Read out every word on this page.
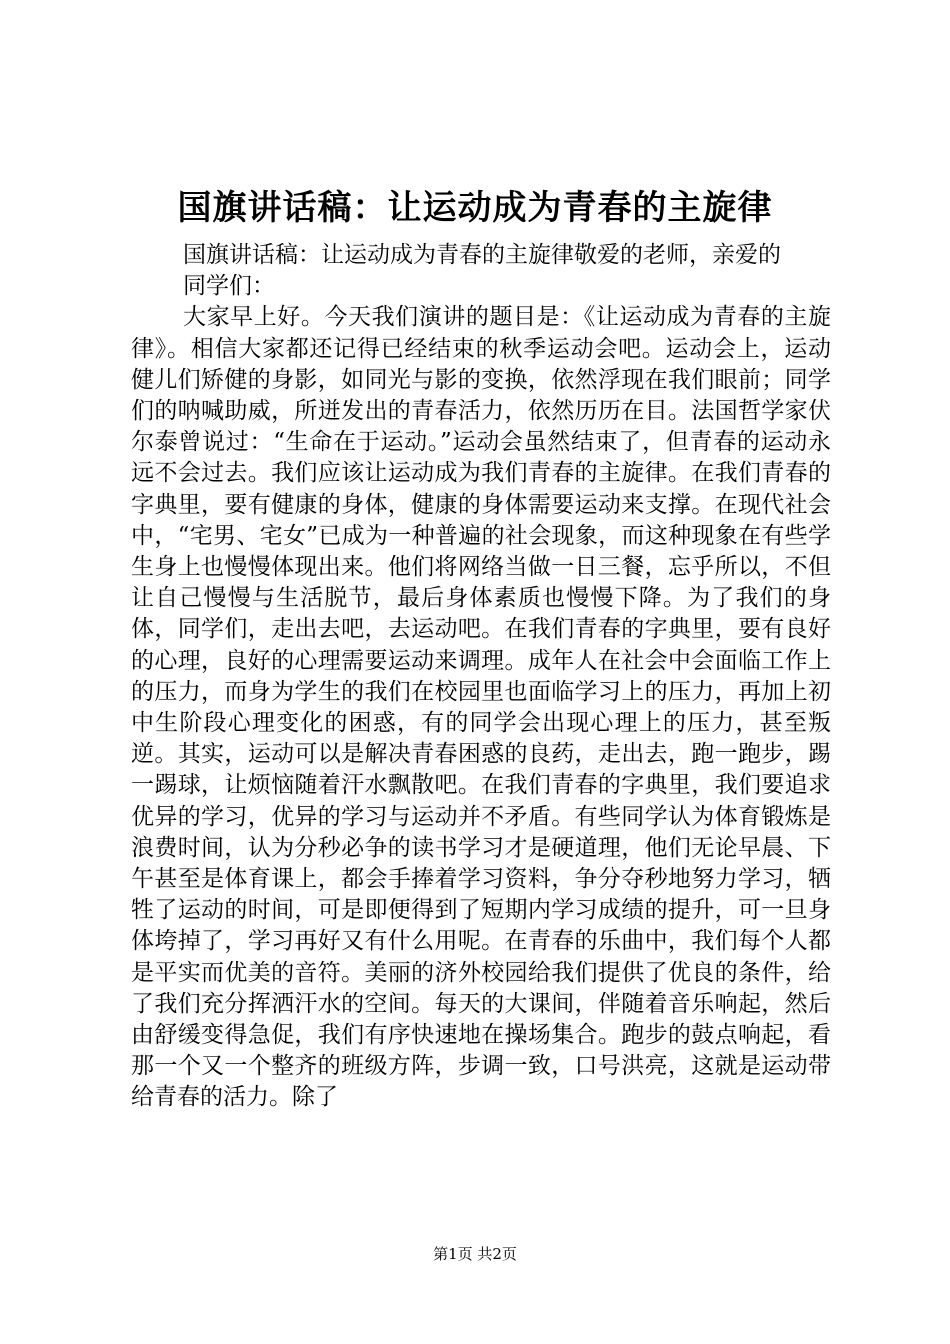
国旗讲话稿：让运动成为青春的主旋律

国旗讲话稿：让运动成为青春的主旋律敬爱的老师，亲爱的

同学们：

大家早上好。今天我们演讲的题目是：《让运动成为青春的主旋律》。相信大家都还记得已经结束的秋季运动会吧。运动会上，运动健儿们矫健的身影，如同光与影的变换，依然浮现在我们眼前；同学们的呐喊助威，所迸发出的青春活力，依然历历在目。法国哲学家伏尔泰曾说过：“生命在于运动。”运动会虽然结束了，但青春的运动永远不会过去。我们应该让运动成为我们青春的主旋律。在我们青春的字典里，要有健康的身体，健康的身体需要运动来支撑。在现代社会中，“宅男、宅女”已成为一种普遍的社会现象，而这种现象在有些学生身上也慢慢体现出来。他们将网络当做一日三餐，忘乎所以，不但让自己慢慢与生活脱节，最后身体素质也慢慢下降。为了我们的身体，同学们，走出去吧，去运动吧。在我们青春的字典里，要有良好的心理，良好的心理需要运动来调理。成年人在社会中会面临工作上的压力，而身为学生的我们在校园里也面临学习上的压力，再加上初中生阶段心理变化的困惑，有的同学会出现心理上的压力，甚至叛逆。其实，运动可以是解决青春困惑的良药，走出去，跑一跑步，踢一踢球，让烦恼随着汗水飘散吧。在我们青春的字典里，我们要追求优异的学习，优异的学习与运动并不矛盾。有些同学认为体育锻炼是浪费时间，认为分秒必争的读书学习才是硬道理，他们无论早晨、下午甚至是体育课上，都会手捧着学习资料，争分夺秒地努力学习，牺牲了运动的时间，可是即便得到了短期内学习成绩的提升，可一旦身体垮掉了，学习再好又有什么用呢。在青春的乐曲中，我们每个人都是平实而优美的音符。美丽的济外校园给我们提供了优良的条件，给了我们充分挥洒汗水的空间。每天的大课间，伴随着音乐响起，然后由舒缓变得急促，我们有序快速地在操场集合。跑步的鼓点响起，看那一个又一个整齐的班级方阵，步调一致，口号洪亮，这就是运动带给青春的活力。除了

第1页 共2页
